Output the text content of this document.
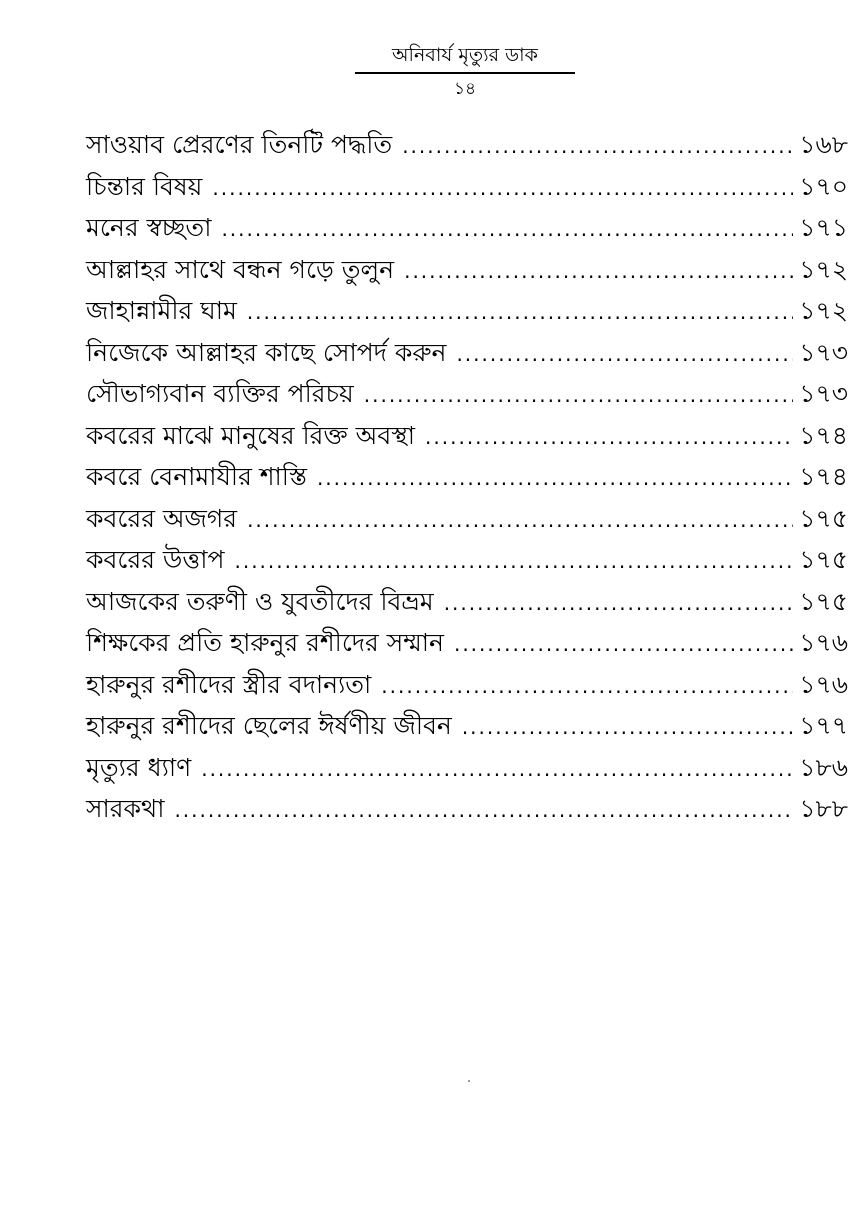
অনিবার্য মৃত্যুর ডাক
১৪
সাওয়াব প্রেরণের তিনটি পদ্ধতি .....	১৬৮
চিন্তার বিষয় .....	১৭০
মনের স্বচ্ছতা .....	১৭১
আল্লাহর সাথে বন্ধন গড়ে তুলুন .....	১৭২
জাহান্নামীর ঘাম .....	১৭২
নিজেকে আল্লাহর কাছে সোপর্দ করুন .....	১৭৩
সৌভাগ্যবান ব্যক্তির পরিচয় .....	১৭৩
কবরের মাঝে মানুষের রিক্ত অবস্থা .....	১৭৪
কবরে বেনামাযীর শাস্তি .....	১৭৪
কবরের অজগর .....	১৭৫
কবরের উত্তাপ .....	১৭৫
আজকের তরুণী ও যুবতীদের বিভ্রম .....	১৭৫
শিক্ষকের প্রতি হারুনুর রশীদের সম্মান .....	১৭৬
হারুনুর রশীদের স্ত্রীর বদান্যতা .....	১৭৬
হারুনুর রশীদের ছেলের ঈর্ষণীয় জীবন .....	১৭৭
মৃত্যুর ধ্যাণ .....	১৮৬
সারকথা .....	১৮৮
